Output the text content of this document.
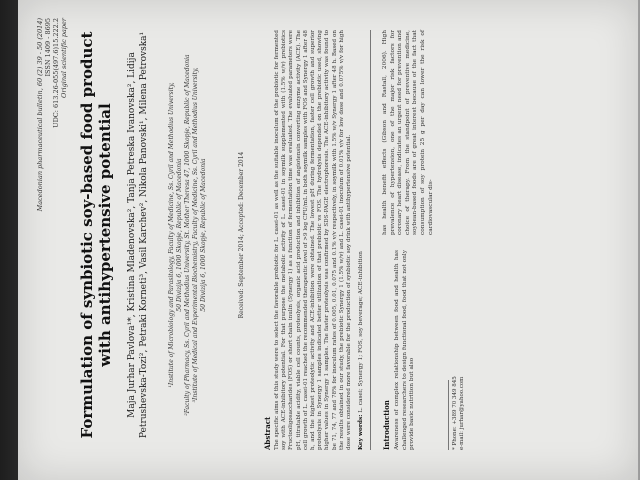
Macedonian pharmaceutical bulletin, 60 (2) 39 - 50 (2014) ISSN 1409 - 8695 UDC: 613.26-055(497.6)15.222.2 Original scientific paper Formulation of synbiotic soy-based food product with antihypertensive potential Maja Jurhar Pavlova¹*, Kristina Mladenovska², Tanja Petreska Ivanovska², Lidija Petrushevska-Tozi², Petraki Korneti³, Vasil Karchev², Nikola Panovski¹, Milena Petrovska¹	¹Institute of Microbiology and Parasitology, Faculty of Medicine, Ss. Cyril and Methodius University, 50 Divizija 6, 1000 Skopje, Republic of Macedonia ²Faculty of Pharmacy, Ss. Cyril and Methodius University, St. Mother Theresa 47, 1000 Skopje, Republic of Macedonia ³Institute of Medical and Experimental Biochemistry, Faculty of Medicine, Ss. Cyril and Methodius University, 50 Divizija 6, 1000 Skopje, Republic of Macedonia	Received: September 2014; Accepted: December 2014
Abstract The specific aims of this study were to select the favorable probiotic for L. casei-01 as well as the suitable inoculum of the probiotic for fermented soy with ACE-inhibitory potential. For that purpose the metabolic activity of L. casei-01 in soymilk supplemented with (1.5% w/v) prebiotics Fructooligosaccharides (FOS) or short chain inulin (Synergy 1) as a function of fermentation time was evaluated. The evaluated parameters were pH, titratable acidity, viable cell counts, proteolysis, organic acid production and inhibition of angiotensin converting enzyme activity (ACE). The cell growth of L. casei-01 reached the recommended therapeutic level of >9 log CFU/mL in both soymilk samples with FOS and Synergy 1 after 48 h, and the highest proteolytic activity and ACE-inhibition were obtained. The lowest pH during fermentation, faster cell growth and superior proteolysis in Synergy 1 samples indicated better utilization of that prebiotic vs FOS. The hydrolysis depended on the prebiotic used, showing higher values in Synergy 1 samples. The faster proteolysis was confirmed by SDS-PAGE electrophoresis. The ACE-inhibitory activity was found to be 71, 74, 77 and 78% for inoculum rates of 0.005, 0.01, 0.075 and 0.1% v/v respectively, in soymilk with 1.5% w/v Synergy 1 after 48 h. Based on the results obtained in our study, the prebiotic Synergy 1 (1.5% w/v) and L. casei-01 inoculum of 0.01% v/v for low dose and 0.075% v/v for high dose were considered more favorable for the production of synbiotic soy drink with antihypertensive potential. Key words: L. casei; Synergy 1; FOS, soy beverage; ACE-inhibition
Introduction Awareness of complex relationship between food and health has challenged researchers to design functional food, food that not only provide basic nutrition but also
has health benefit effects (Gibson and Rastall, 2006). High prevalence of hypertension, one of the major risk factors for coronary heart disease, indicates an urgent need for prevention and choice of therapy. From the standpoint of preventive medicine, soybean-based foods are of great interest because of the fact that consumption of soy protein 25 g per day can lower the risk of cardiovascular dis-
* Phone: +389 70 349 845 e-mail: jurhar@yahoo.com
